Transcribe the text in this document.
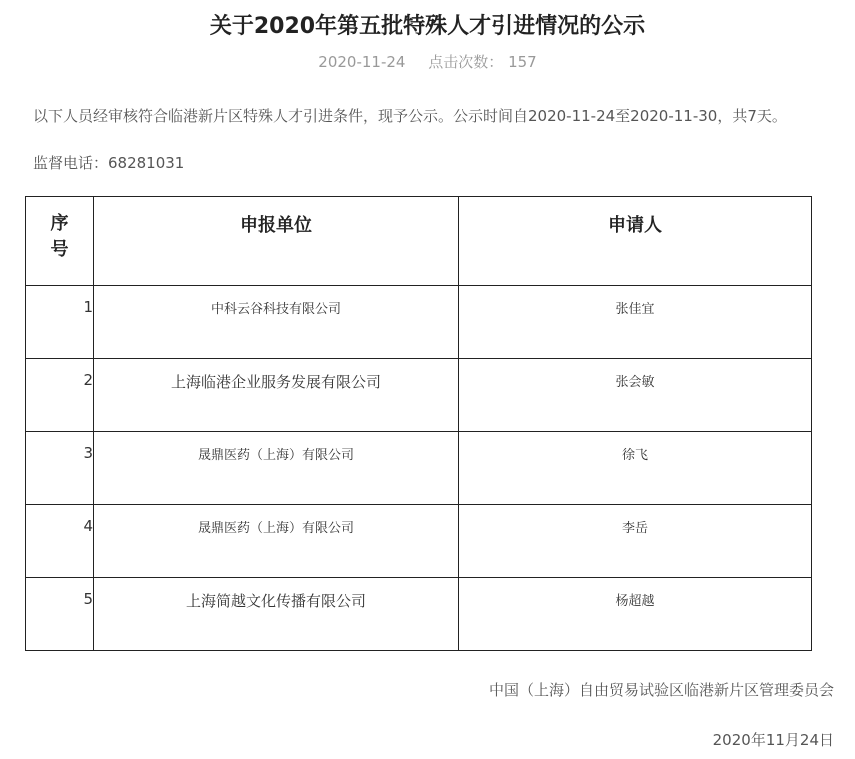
关于2020年第五批特殊人才引进情况的公示
2020-11-24 点击次数： 157
以下人员经审核符合临港新片区特殊人才引进条件，现予公示。公示时间自2020-11-24至2020-11-30，共7天。
监督电话：68281031
序
号	申报单位	申请人
1	中科云谷科技有限公司	张佳宜
2	上海临港企业服务发展有限公司	张会敏
3	晟鼎医药（上海）有限公司	徐飞
4	晟鼎医药（上海）有限公司	李岳
5	上海简越文化传播有限公司	杨超越
中国（上海）自由贸易试验区临港新片区管理委员会
2020年11月24日
